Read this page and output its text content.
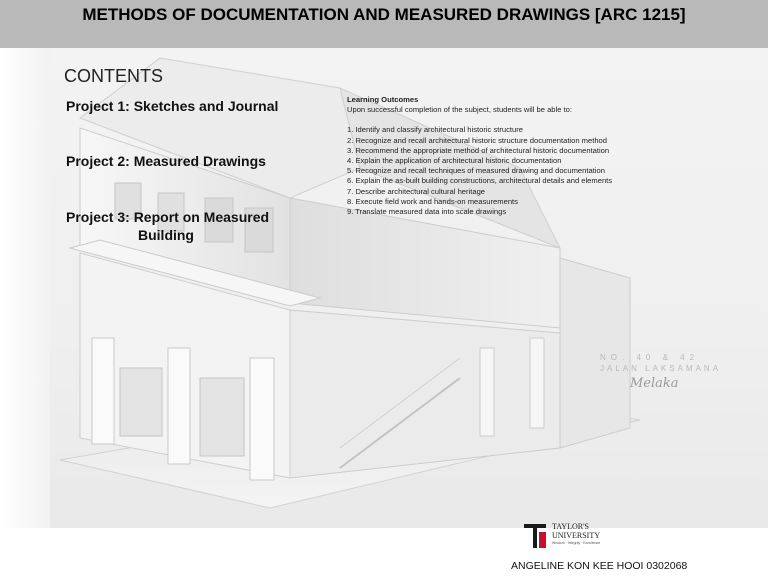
METHODS OF DOCUMENTATION AND MEASURED DRAWINGS [ARC 1215]
CONTENTS
Project 1: Sketches and Journal
Project 2: Measured Drawings
Project 3: Report on Measured
Building
Learning Outcomes
Upon successful completion of the subject, students will be able to:
1. Identify and classify architectural historic structure
2. Recognize and recall architectural historic structure documentation method
3. Recommend the appropriate method of architectural historic documentation
4. Explain the application of architectural historic documentation
5. Recognize and recall techniques of measured drawing and documentation
6. Explain the as-built building constructions, architectural details and elements
7. Describe architectural cultural heritage
8. Execute field work and hands-on measurements
9. Translate measured data into scale drawings
NO. 40 & 42
JALAN LAKSAMANA
Melaka
TAYLOR'S
UNIVERSITY
Wisdom · Integrity · Excellence
ANGELINE KON KEE HOOI 0302068
